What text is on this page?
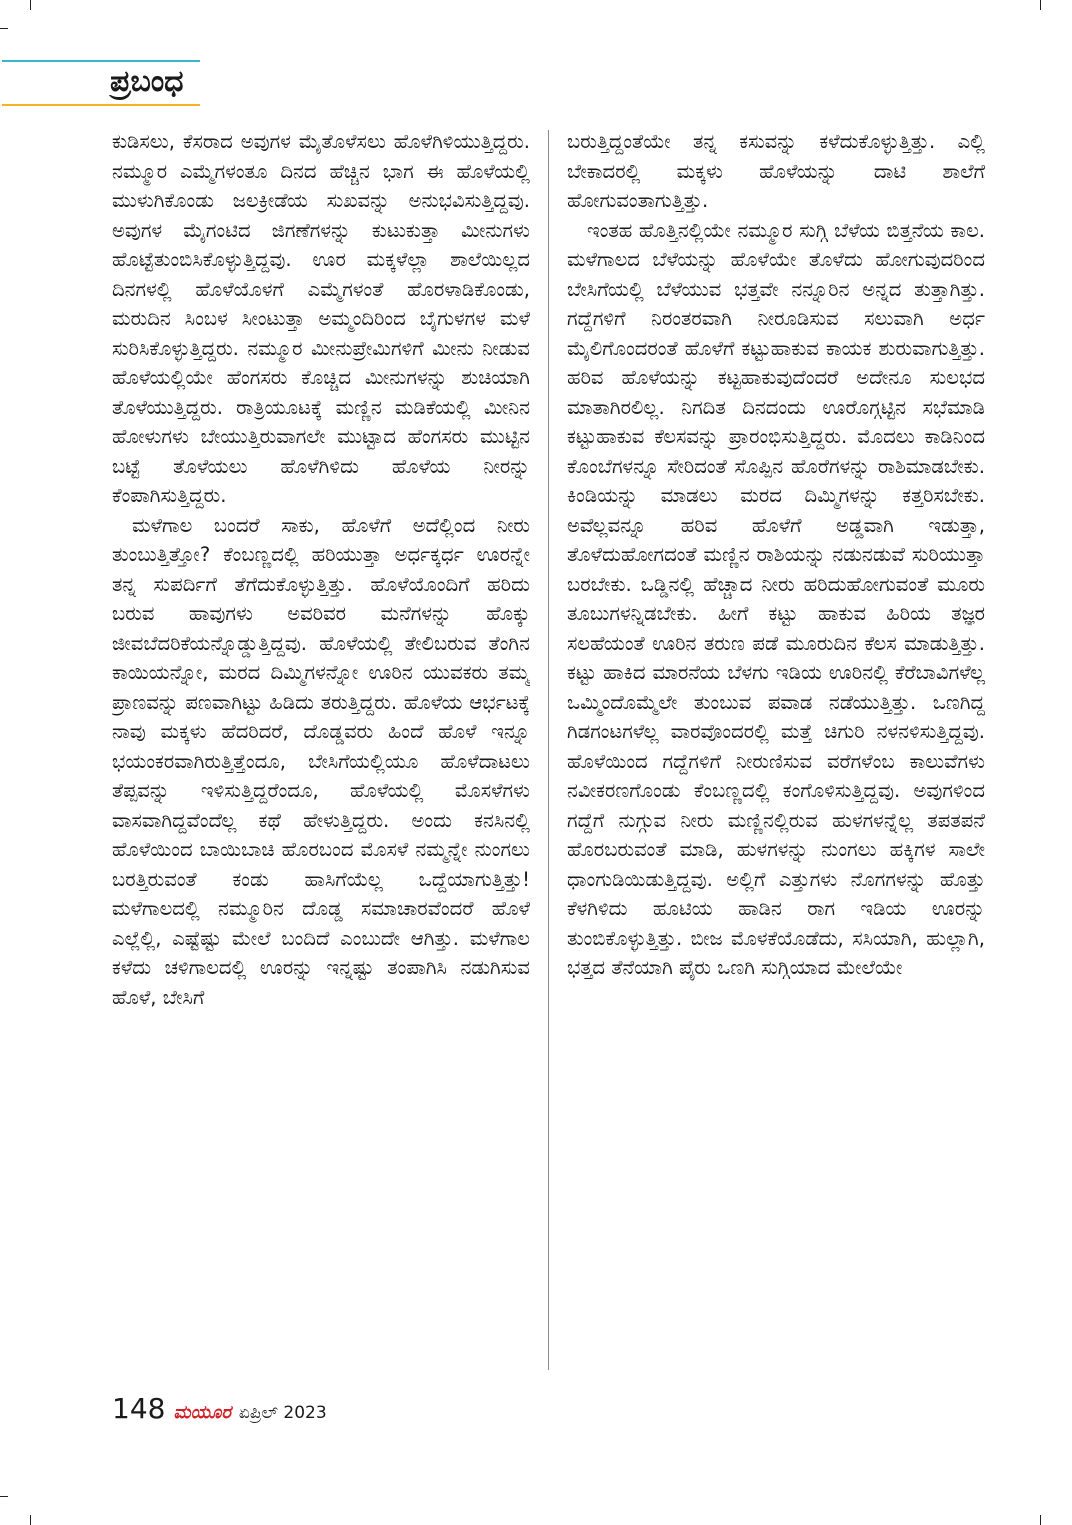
ಪ್ರಬಂಧ

ಕುಡಿಸಲು, ಕೆಸರಾದ ಅವುಗಳ ಮೈತೊಳೆಸಲು ಹೊಳೆಗಿಳಿಯುತ್ತಿದ್ದರು. ನಮ್ಮೂರ ಎಮ್ಮೆಗಳಂತೂ ದಿನದ ಹೆಚ್ಚಿನ ಭಾಗ ಈ ಹೊಳೆಯಲ್ಲಿ ಮುಳುಗಿಕೊಂಡು ಜಲಕ್ರೀಡೆಯ ಸುಖವನ್ನು ಅನುಭವಿಸುತ್ತಿದ್ದವು. ಅವುಗಳ ಮೈಗಂಟಿದ ಜಿಗಣೆಗಳನ್ನು ಕುಟುಕುತ್ತಾ ಮೀನುಗಳು ಹೊಟ್ಟೆತುಂಬಿಸಿಕೊಳ್ಳುತ್ತಿದ್ದವು. ಊರ ಮಕ್ಕಳೆಲ್ಲಾ ಶಾಲೆಯಿಲ್ಲದ ದಿನಗಳಲ್ಲಿ ಹೊಳೆಯೊಳಗೆ ಎಮ್ಮೆಗಳಂತೆ ಹೊರಳಾಡಿಕೊಂಡು, ಮರುದಿನ ಸಿಂಬಳ ಸೀಂಟುತ್ತಾ ಅಮ್ಮಂದಿರಿಂದ ಬೈಗುಳಗಳ ಮಳೆ ಸುರಿಸಿಕೊಳ್ಳುತ್ತಿದ್ದರು. ನಮ್ಮೂರ ಮೀನುಪ್ರೇಮಿಗಳಿಗೆ ಮೀನು ನೀಡುವ ಹೊಳೆಯಲ್ಲಿಯೇ ಹೆಂಗಸರು ಕೊಚ್ಚಿದ ಮೀನುಗಳನ್ನು ಶುಚಿಯಾಗಿ ತೊಳೆಯುತ್ತಿದ್ದರು. ರಾತ್ರಿಯೂಟಕ್ಕೆ ಮಣ್ಣಿನ ಮಡಿಕೆಯಲ್ಲಿ ಮೀನಿನ ಹೋಳುಗಳು ಬೇಯುತ್ತಿರುವಾಗಲೇ ಮುಟ್ಟಾದ ಹೆಂಗಸರು ಮುಟ್ಟಿನ ಬಟ್ಟೆ ತೊಳೆಯಲು ಹೊಳೆಗಿಳಿದು ಹೊಳೆಯ ನೀರನ್ನು ಕೆಂಪಾಗಿಸುತ್ತಿದ್ದರು.

ಮಳೆಗಾಲ ಬಂದರೆ ಸಾಕು, ಹೊಳೆಗೆ ಅದೆಲ್ಲಿಂದ ನೀರು ತುಂಬುತ್ತಿತ್ತೋ? ಕೆಂಬಣ್ಣದಲ್ಲಿ ಹರಿಯುತ್ತಾ ಅರ್ಧಕ್ಕರ್ಧ ಊರನ್ನೇ ತನ್ನ ಸುಪರ್ದಿಗೆ ತೆಗೆದುಕೊಳ್ಳುತ್ತಿತ್ತು. ಹೊಳೆಯೊಂದಿಗೆ ಹರಿದು ಬರುವ ಹಾವುಗಳು ಅವರಿವರ ಮನೆಗಳನ್ನು ಹೊಕ್ಕು ಜೀವಬೆದರಿಕೆಯನ್ನೊಡ್ಡುತ್ತಿದ್ದವು. ಹೊಳೆಯಲ್ಲಿ ತೇಲಿಬರುವ ತೆಂಗಿನ ಕಾಯಿಯನ್ನೋ, ಮರದ ದಿಮ್ಮಿಗಳನ್ನೋ ಊರಿನ ಯುವಕರು ತಮ್ಮ ಪ್ರಾಣವನ್ನು ಪಣವಾಗಿಟ್ಟು ಹಿಡಿದು ತರುತ್ತಿದ್ದರು. ಹೊಳೆಯ ಆರ್ಭಟಕ್ಕೆ ನಾವು ಮಕ್ಕಳು ಹೆದರಿದರೆ, ದೊಡ್ಡವರು ಹಿಂದೆ ಹೊಳೆ ಇನ್ನೂ ಭಯಂಕರವಾಗಿರುತ್ತಿತ್ತೆಂದೂ, ಬೇಸಿಗೆಯಲ್ಲಿಯೂ ಹೊಳೆದಾಟಲು ತೆಪ್ಪವನ್ನು ಇಳಿಸುತ್ತಿದ್ದರೆಂದೂ, ಹೊಳೆಯಲ್ಲಿ ಮೊಸಳೆಗಳು ವಾಸವಾಗಿದ್ದವೆಂದೆಲ್ಲ ಕಥೆ ಹೇಳುತ್ತಿದ್ದರು. ಅಂದು ಕನಸಿನಲ್ಲಿ ಹೊಳೆಯಿಂದ ಬಾಯಿಬಾಚಿ ಹೊರಬಂದ ಮೊಸಳೆ ನಮ್ಮನ್ನೇ ನುಂಗಲು ಬರತ್ತಿರುವಂತೆ ಕಂಡು ಹಾಸಿಗೆಯೆಲ್ಲ ಒದ್ದೆಯಾಗುತ್ತಿತ್ತು! ಮಳೆಗಾಲದಲ್ಲಿ ನಮ್ಮೂರಿನ ದೊಡ್ಡ ಸಮಾಚಾರವೆಂದರೆ ಹೊಳೆ ಎಲ್ಲೆಲ್ಲಿ, ಎಷ್ಟೆಷ್ಟು ಮೇಲೆ ಬಂದಿದೆ ಎಂಬುದೇ ಆಗಿತ್ತು. ಮಳೆಗಾಲ ಕಳೆದು ಚಳಿಗಾಲದಲ್ಲಿ ಊರನ್ನು ಇನ್ನಷ್ಟು ತಂಪಾಗಿಸಿ ನಡುಗಿಸುವ ಹೊಳೆ, ಬೇಸಿಗೆ

ಬರುತ್ತಿದ್ದಂತೆಯೇ ತನ್ನ ಕಸುವನ್ನು ಕಳೆದುಕೊಳ್ಳುತ್ತಿತ್ತು. ಎಲ್ಲಿ ಬೇಕಾದರಲ್ಲಿ ಮಕ್ಕಳು ಹೊಳೆಯನ್ನು ದಾಟಿ ಶಾಲೆಗೆ ಹೋಗುವಂತಾಗುತ್ತಿತ್ತು.

ಇಂತಹ ಹೊತ್ತಿನಲ್ಲಿಯೇ ನಮ್ಮೂರ ಸುಗ್ಗಿ ಬೆಳೆಯ ಬಿತ್ತನೆಯ ಕಾಲ. ಮಳೆಗಾಲದ ಬೆಳೆಯನ್ನು ಹೊಳೆಯೇ ತೊಳೆದು ಹೋಗುವುದರಿಂದ ಬೇಸಿಗೆಯಲ್ಲಿ ಬೆಳೆಯುವ ಭತ್ತವೇ ನನ್ನೂರಿನ ಅನ್ನದ ತುತ್ತಾಗಿತ್ತು. ಗದ್ದೆಗಳಿಗೆ ನಿರಂತರವಾಗಿ ನೀರೂಡಿಸುವ ಸಲುವಾಗಿ ಅರ್ಧ ಮೈಲಿಗೊಂದರಂತೆ ಹೊಳೆಗೆ ಕಟ್ಟುಹಾಕುವ ಕಾಯಕ ಶುರುವಾಗುತ್ತಿತ್ತು. ಹರಿವ ಹೊಳೆಯನ್ನು ಕಟ್ಟಹಾಕುವುದೆಂದರೆ ಅದೇನೂ ಸುಲಭದ ಮಾತಾಗಿರಲಿಲ್ಲ. ನಿಗದಿತ ದಿನದಂದು ಊರೊಗ್ಗಟ್ಟಿನ ಸಭೆಮಾಡಿ ಕಟ್ಟುಹಾಕುವ ಕೆಲಸವನ್ನು ಪ್ರಾರಂಭಿಸುತ್ತಿದ್ದರು. ಮೊದಲು ಕಾಡಿನಿಂದ ಕೊಂಬೆಗಳನ್ನೂ ಸೇರಿದಂತೆ ಸೊಪ್ಪಿನ ಹೊರೆಗಳನ್ನು ರಾಶಿಮಾಡಬೇಕು. ಕಿಂಡಿಯನ್ನು ಮಾಡಲು ಮರದ ದಿಮ್ಮಿಗಳನ್ನು ಕತ್ತರಿಸಬೇಕು. ಅವೆಲ್ಲವನ್ನೂ ಹರಿವ ಹೊಳೆಗೆ ಅಡ್ಡವಾಗಿ ಇಡುತ್ತಾ, ತೊಳೆದುಹೋಗದಂತೆ ಮಣ್ಣಿನ ರಾಶಿಯನ್ನು ನಡುನಡುವೆ ಸುರಿಯುತ್ತಾ ಬರಬೇಕು. ಒಡ್ಡಿನಲ್ಲಿ ಹೆಚ್ಚಾದ ನೀರು ಹರಿದುಹೋಗುವಂತೆ ಮೂರು ತೂಬುಗಳನ್ನಿಡಬೇಕು. ಹೀಗೆ ಕಟ್ಟು ಹಾಕುವ ಹಿರಿಯ ತಜ್ಞರ ಸಲಹೆಯಂತೆ ಊರಿನ ತರುಣ ಪಡೆ ಮೂರುದಿನ ಕೆಲಸ ಮಾಡುತ್ತಿತ್ತು. ಕಟ್ಟು ಹಾಕಿದ ಮಾರನೆಯ ಬೆಳಗು ಇಡಿಯ ಊರಿನಲ್ಲಿ ಕೆರೆಬಾವಿಗಳೆಲ್ಲ ಒಮ್ಮಿಂದೊಮ್ಮೆಲೇ ತುಂಬುವ ಪವಾಡ ನಡೆಯುತ್ತಿತ್ತು. ಒಣಗಿದ್ದ ಗಿಡಗಂಟಗಳೆಲ್ಲ ವಾರವೊಂದರಲ್ಲಿ ಮತ್ತೆ ಚಿಗುರಿ ನಳನಳಿಸುತ್ತಿದ್ದವು. ಹೊಳೆಯಿಂದ ಗದ್ದೆಗಳಿಗೆ ನೀರುಣಿಸುವ ವರೆಗಳೆಂಬ ಕಾಲುವೆಗಳು ನವೀಕರಣಗೊಂಡು ಕೆಂಬಣ್ಣದಲ್ಲಿ ಕಂಗೊಳಿಸುತ್ತಿದ್ದವು. ಅವುಗಳಿಂದ ಗದ್ದೆಗೆ ನುಗ್ಗುವ ನೀರು ಮಣ್ಣಿನಲ್ಲಿರುವ ಹುಳಗಳನ್ನೆಲ್ಲ ತಪತಪನೆ ಹೊರಬರುವಂತೆ ಮಾಡಿ, ಹುಳಗಳನ್ನು ನುಂಗಲು ಹಕ್ಕಿಗಳ ಸಾಲೇ ಧಾಂಗುಡಿಯಿಡುತ್ತಿದ್ದವು. ಅಲ್ಲಿಗೆ ಎತ್ತುಗಳು ನೊಗಗಳನ್ನು ಹೊತ್ತು ಕೆಳಗಿಳಿದು ಹೂಟಿಯ ಹಾಡಿನ ರಾಗ ಇಡಿಯ ಊರನ್ನು ತುಂಬಿಕೊಳ್ಳುತ್ತಿತ್ತು. ಬೀಜ ಮೊಳಕೆಯೊಡೆದು, ಸಸಿಯಾಗಿ, ಹುಲ್ಲಾಗಿ, ಭತ್ತದ ತೆನೆಯಾಗಿ ಪೈರು ಒಣಗಿ ಸುಗ್ಗಿಯಾದ ಮೇಲೆಯೇ

148 ಮಯೂರ ಏಪ್ರಿಲ್ 2023
